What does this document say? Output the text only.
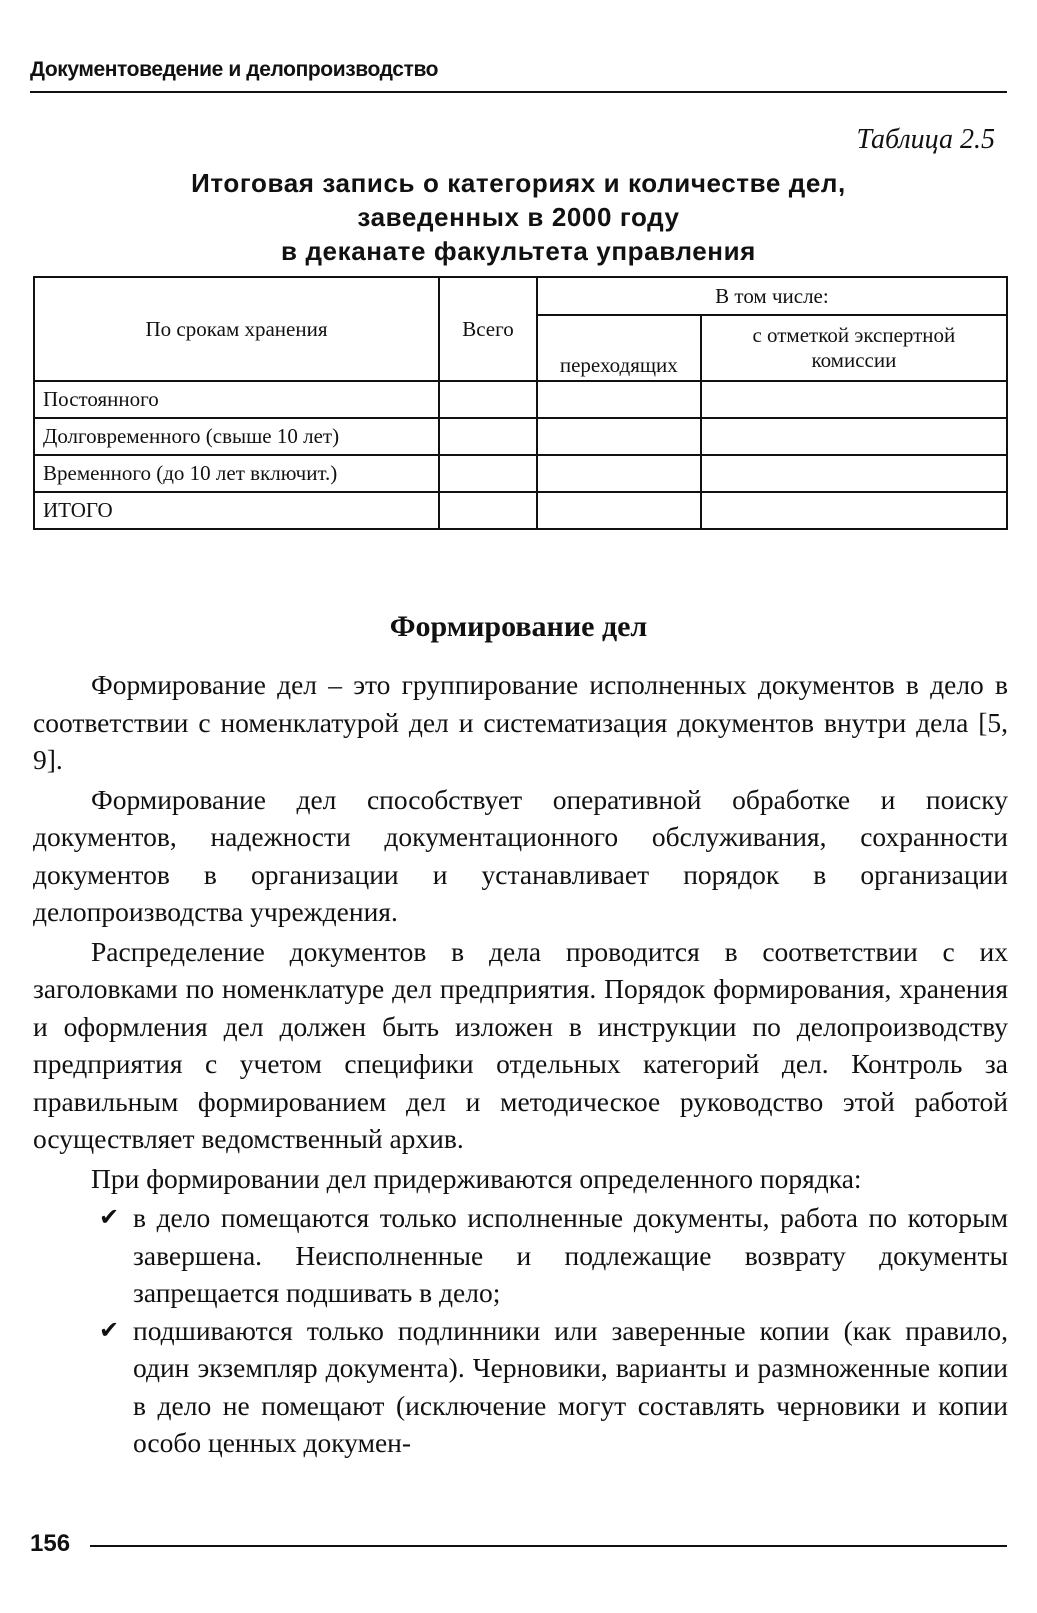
Документоведение и делопроизводство
Таблица 2.5
Итоговая запись о категориях и количестве дел,
заведенных в 2000 году
в деканате факультета управления
По срокам хранения	Всего	В том числе:	
		переходящих	с отметкой экспертной комиссии
Постоянного			
Долговременного (свыше 10 лет)			
Временного (до 10 лет включит.)			
ИТОГО			
Формирование дел

Формирование дел – это группирование исполненных документов в дело в соответствии с номенклатурой дел и систематизация документов внутри дела [5, 9].

Формирование дел способствует оперативной обработке и поиску документов, надежности документационного обслуживания, сохранности документов в организации и устанавливает порядок в организации делопроизводства учреждения.

Распределение документов в дела проводится в соответствии с их заголовками по номенклатуре дел предприятия. Порядок формирования, хранения и оформления дел должен быть изложен в инструкции по делопроизводству предприятия с учетом специфики отдельных категорий дел. Контроль за правильным формированием дел и методическое руководство этой работой осуществляет ведомственный архив.

При формировании дел придерживаются определенного порядка:

✔ в дело помещаются только исполненные документы, работа по которым завершена. Неисполненные и подлежащие возврату документы запрещается подшивать в дело;
✔ подшиваются только подлинники или заверенные копии (как правило, один экземпляр документа). Черновики, варианты и размноженные копии в дело не помещают (исключение могут составлять черновики и копии особо ценных докумен-
156
